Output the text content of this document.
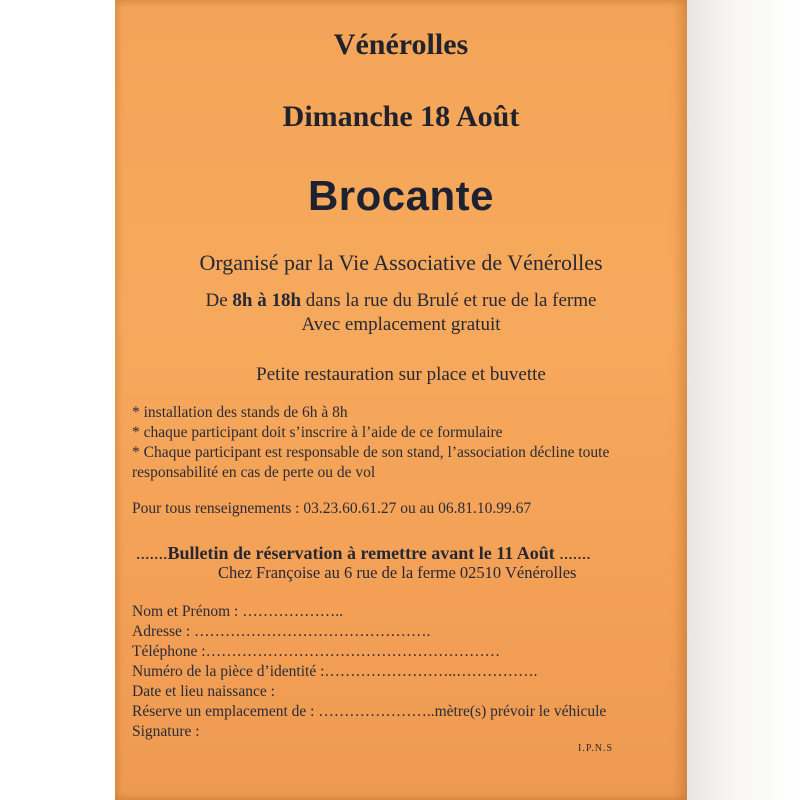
Vénérolles
Dimanche 18 Août
Brocante
Organisé par la Vie Associative de Vénérolles
De 8h à 18h dans la rue du Brulé et rue de la ferme
Avec emplacement gratuit
Petite restauration sur place et buvette
* installation des stands de 6h à 8h
* chaque participant doit s’inscrire à l’aide de ce formulaire
* Chaque participant est responsable de son stand, l’association décline toute
responsabilité en cas de perte ou de vol
Pour tous renseignements : 03.23.60.61.27 ou au 06.81.10.99.67
.......Bulletin de réservation à remettre avant le 11 Août .......
Chez Françoise au 6 rue de la ferme 02510 Vénérolles
Nom et Prénom : ………………..
Adresse : ……………………………………….
Téléphone :…………………………………………………
Numéro de la pièce d’identité :……………………..…………….
Date et lieu naissance :
Réserve un emplacement de : …………………..mètre(s) prévoir le véhicule
Signature :
I.P.N.S
